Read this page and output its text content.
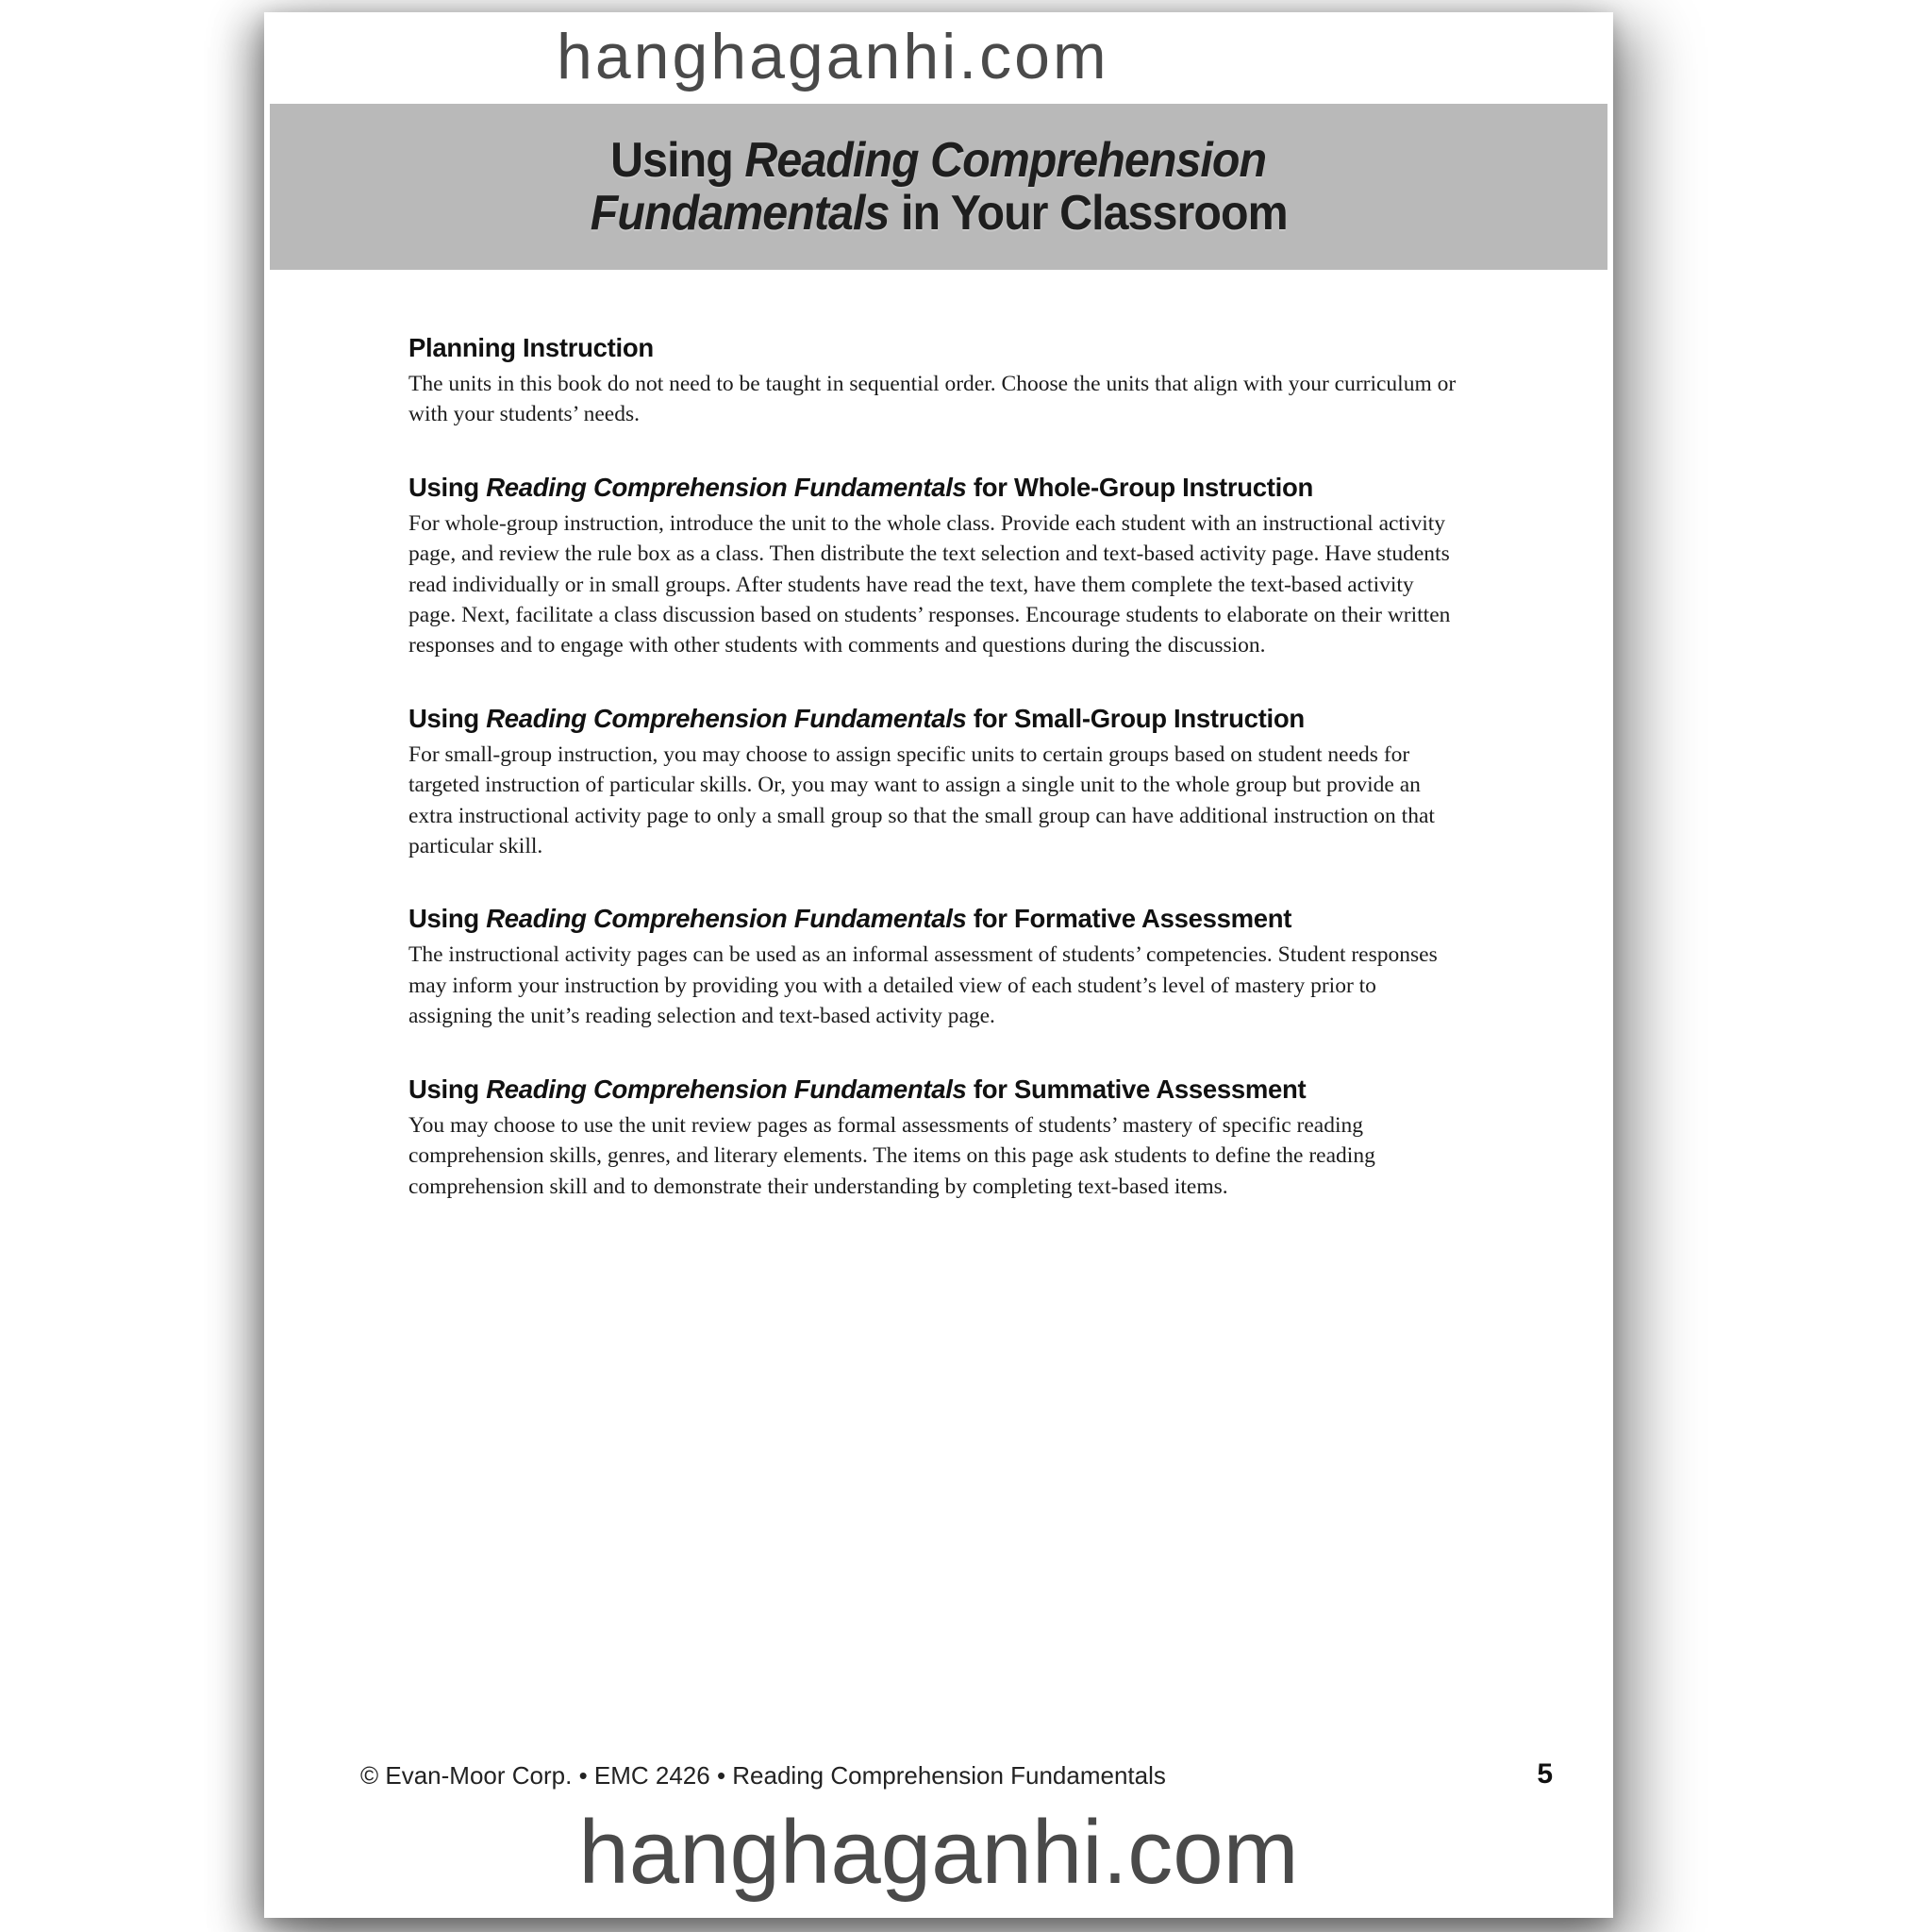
hanghaganhi.com
Using Reading Comprehension
Fundamentals in Your Classroom
Planning Instruction

The units in this book do not need to be taught in sequential order. Choose the units that align with your curriculum or with your students’ needs.

Using Reading Comprehension Fundamentals for Whole-Group Instruction

For whole-group instruction, introduce the unit to the whole class. Provide each student with an instructional activity page, and review the rule box as a class. Then distribute the text selection and text-based activity page. Have students read individually or in small groups. After students have read the text, have them complete the text-based activity page. Next, facilitate a class discussion based on students’ responses. Encourage students to elaborate on their written responses and to engage with other students with comments and questions during the discussion.

Using Reading Comprehension Fundamentals for Small-Group Instruction

For small-group instruction, you may choose to assign specific units to certain groups based on student needs for targeted instruction of particular skills. Or, you may want to assign a single unit to the whole group but provide an extra instructional activity page to only a small group so that the small group can have additional instruction on that particular skill.

Using Reading Comprehension Fundamentals for Formative Assessment

The instructional activity pages can be used as an informal assessment of students’ competencies. Student responses may inform your instruction by providing you with a detailed view of each student’s level of mastery prior to assigning the unit’s reading selection and text-based activity page.

Using Reading Comprehension Fundamentals for Summative Assessment

You may choose to use the unit review pages as formal assessments of students’ mastery of specific reading comprehension skills, genres, and literary elements. The items on this page ask students to define the reading comprehension skill and to demonstrate their understanding by completing text-based items.

© Evan-Moor Corp. • EMC 2426 • Reading Comprehension Fundamentals	5
hanghaganhi.com
